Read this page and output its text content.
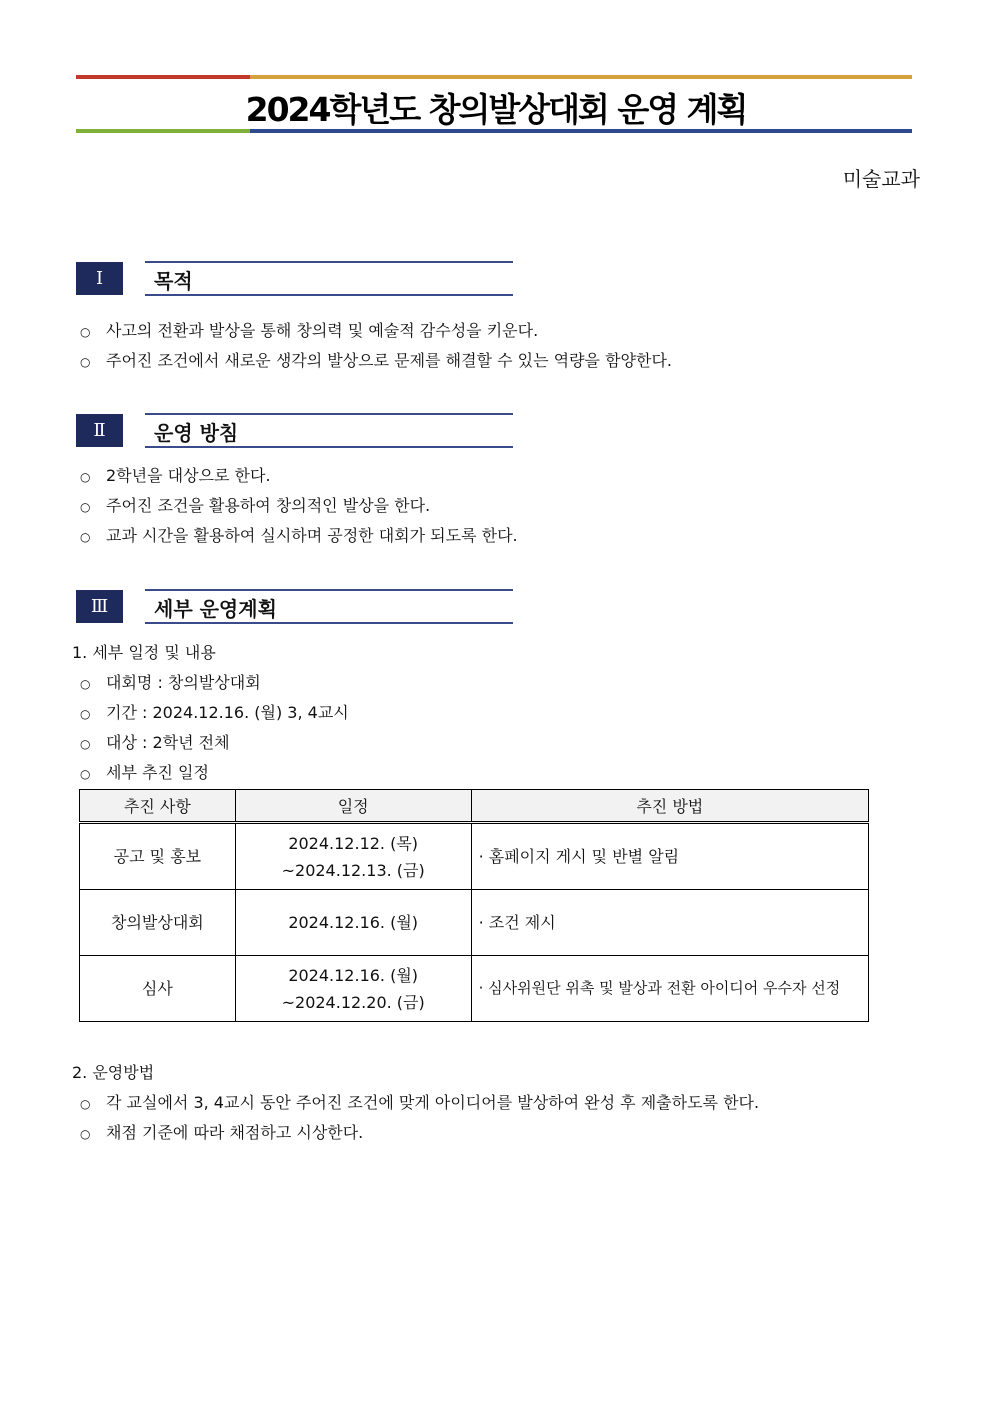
2024학년도 창의발상대회 운영 계획
미술교과
Ⅰ	목적
○ 사고의 전환과 발상을 통해 창의력 및 예술적 감수성을 키운다.
○ 주어진 조건에서 새로운 생각의 발상으로 문제를 해결할 수 있는 역량을 함양한다.
Ⅱ	운영 방침
○ 2학년을 대상으로 한다.
○ 주어진 조건을 활용하여 창의적인 발상을 한다.
○ 교과 시간을 활용하여 실시하며 공정한 대회가 되도록 한다.
Ⅲ	세부 운영계획
1. 세부 일정 및 내용
○ 대회명 : 창의발상대회
○ 기간 : 2024.12.16. (월) 3, 4교시
○ 대상 : 2학년 전체
○ 세부 추진 일정
추진 사항	일정	추진 방법
공고 및 홍보	2024.12.12. (목)
~2024.12.13. (금)	· 홈페이지 게시 및 반별 알림
창의발상대회	2024.12.16. (월)	· 조건 제시
심사	2024.12.16. (월)
~2024.12.20. (금)	· 심사위원단 위촉 및 발상과 전환 아이디어 우수자 선정
2. 운영방법
○ 각 교실에서 3, 4교시 동안 주어진 조건에 맞게 아이디어를 발상하여 완성 후 제출하도록 한다.
○ 채점 기준에 따라 채점하고 시상한다.
